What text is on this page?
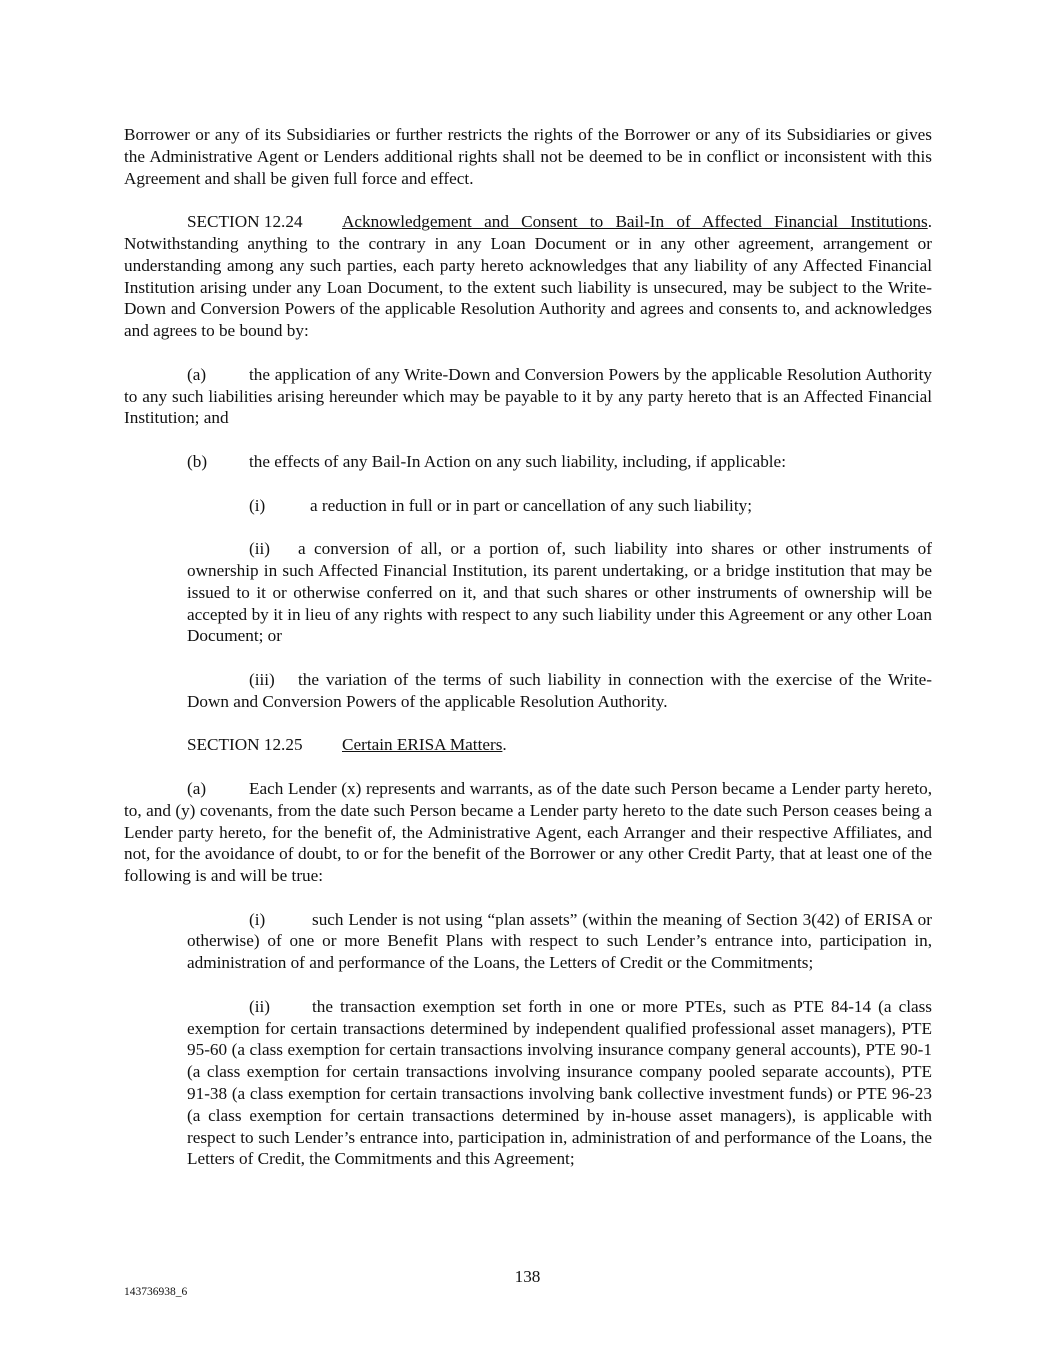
Borrower or any of its Subsidiaries or further restricts the rights of the Borrower or any of its Subsidiaries or gives the Administrative Agent or Lenders additional rights shall not be deemed to be in conflict or inconsistent with this Agreement and shall be given full force and effect.

SECTION 12.24 Acknowledgement and Consent to Bail-In of Affected Financial Institutions. Notwithstanding anything to the contrary in any Loan Document or in any other agreement, arrangement or understanding among any such parties, each party hereto acknowledges that any liability of any Affected Financial Institution arising under any Loan Document, to the extent such liability is unsecured, may be subject to the Write-Down and Conversion Powers of the applicable Resolution Authority and agrees and consents to, and acknowledges and agrees to be bound by:

(a) the application of any Write-Down and Conversion Powers by the applicable Resolution Authority to any such liabilities arising hereunder which may be payable to it by any party hereto that is an Affected Financial Institution; and

(b) the effects of any Bail-In Action on any such liability, including, if applicable:

(i)	a reduction in full or in part or cancellation of any such liability;

(ii) a conversion of all, or a portion of, such liability into shares or other instruments of ownership in such Affected Financial Institution, its parent undertaking, or a bridge institution that may be issued to it or otherwise conferred on it, and that such shares or other instruments of ownership will be accepted by it in lieu of any rights with respect to any such liability under this Agreement or any other Loan Document; or

(iii) the variation of the terms of such liability in connection with the exercise of the Write-Down and Conversion Powers of the applicable Resolution Authority.

SECTION 12.25 Certain ERISA Matters.

(a) Each Lender (x) represents and warrants, as of the date such Person became a Lender party hereto, to, and (y) covenants, from the date such Person became a Lender party hereto to the date such Person ceases being a Lender party hereto, for the benefit of, the Administrative Agent, each Arranger and their respective Affiliates, and not, for the avoidance of doubt, to or for the benefit of the Borrower or any other Credit Party, that at least one of the following is and will be true:

(i)	such Lender is not using “plan assets” (within the meaning of Section 3(42) of ERISA or otherwise) of one or more Benefit Plans with respect to such Lender’s entrance into, participation in, administration of and performance of the Loans, the Letters of Credit or the Commitments;

(ii) the transaction exemption set forth in one or more PTEs, such as PTE 84-14 (a class exemption for certain transactions determined by independent qualified professional asset managers), PTE 95-60 (a class exemption for certain transactions involving insurance company general accounts), PTE 90-1 (a class exemption for certain transactions involving insurance company pooled separate accounts), PTE 91-38 (a class exemption for certain transactions involving bank collective investment funds) or PTE 96-23 (a class exemption for certain transactions determined by in-house asset managers), is applicable with respect to such Lender’s entrance into, participation in, administration of and performance of the Loans, the Letters of Credit, the Commitments and this Agreement;

138
143736938_6
